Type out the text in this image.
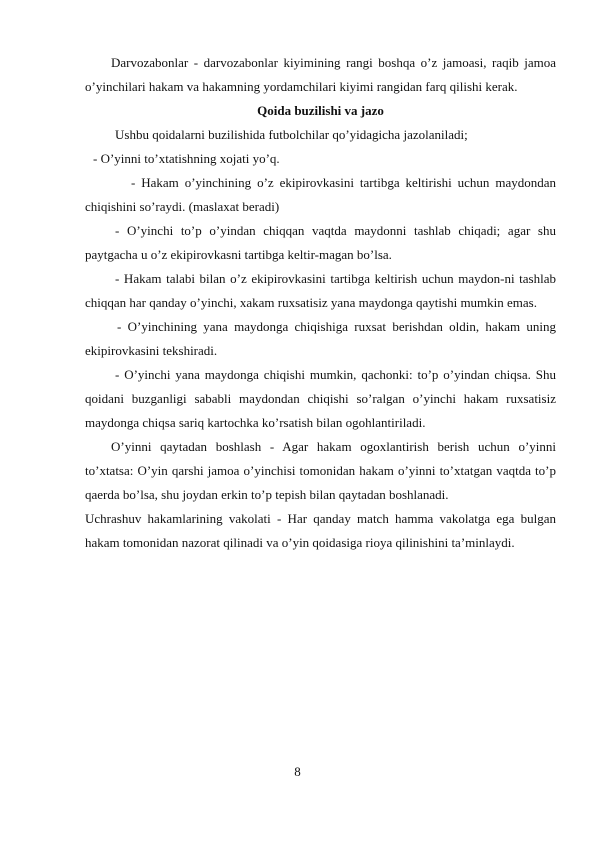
Darvozabonlar - darvozabonlar kiyimining rangi boshqa o’z jamoasi, raqib jamoa o’yinchilari hakam va hakamning yordamchilari kiyimi rangidan farq qilishi kerak.

Qoida buzilishi va jazo

Ushbu qoidalarni buzilishida futbolchilar qo’yidagicha jazolaniladi;

- O’yinni to’xtatishning xojati yo’q.

- Hakam o’yinchining o’z ekipirovkasini tartibga keltirishi uchun maydondan chiqishini so’raydi. (maslaxat beradi)

- O’yinchi to’p o’yindan chiqqan vaqtda maydonni tashlab chiqadi; agar shu paytgacha u o’z ekipirovkasni tartibga keltir-magan bo’lsa.

- Hakam talabi bilan o’z ekipirovkasini tartibga keltirish uchun maydon-ni tashlab chiqqan har qanday o’yinchi, xakam ruxsatisiz yana maydonga qaytishi mumkin emas.

- O’yinchining yana maydonga chiqishiga ruxsat berishdan oldin, hakam uning ekipirovkasini tekshiradi.

- O’yinchi yana maydonga chiqishi mumkin, qachonki: to’p o’yindan chiqsa. Shu qoidani buzganligi sababli maydondan chiqishi so’ralgan o’yinchi hakam ruxsatisiz maydonga chiqsa sariq kartochka ko’rsatish bilan ogohlantiriladi.

O’yinni qaytadan boshlash - Agar hakam ogoxlantirish berish uchun o’yinni to’xtatsa: O’yin qarshi jamoa o’yinchisi tomonidan hakam o’yinni to’xtatgan vaqtda to’p qaerda bo’lsa, shu joydan erkin to’p tepish bilan qaytadan boshlanadi.

Uchrashuv hakamlarining vakolati - Har qanday match hamma vakolatga ega bulgan hakam tomonidan nazorat qilinadi va o’yin qoidasiga rioya qilinishini ta’minlaydi.

8
